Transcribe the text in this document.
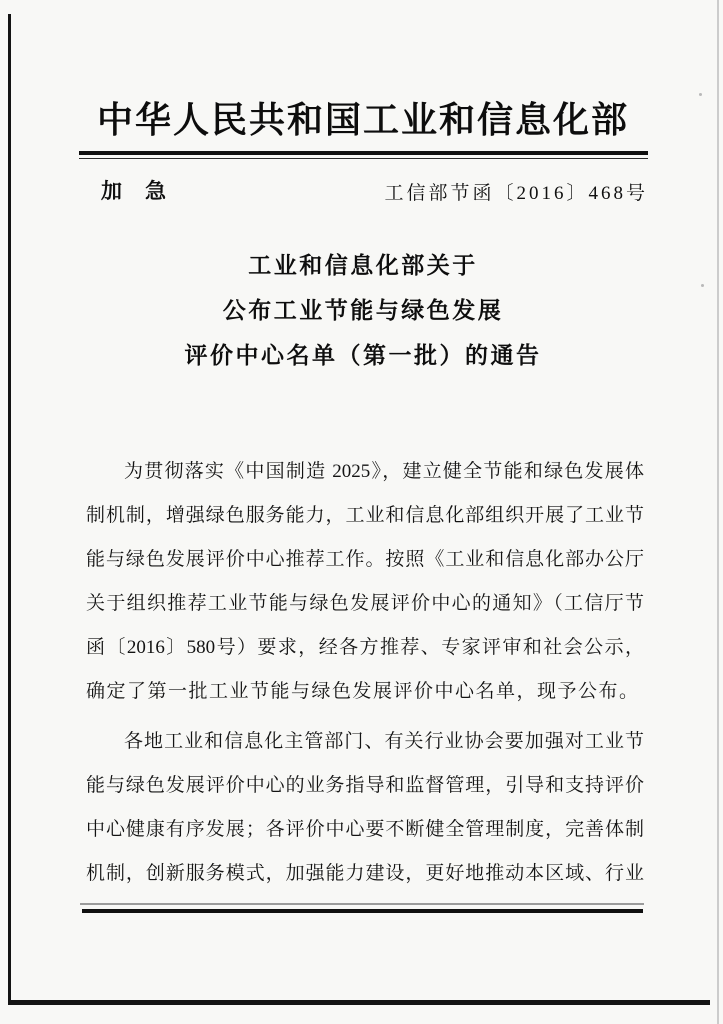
中华人民共和国工业和信息化部
加　急	工信部节函〔2016〕468号
工业和信息化部关于
公布工业节能与绿色发展
评价中心名单（第一批）的通告
为贯彻落实《中国制造 2025》，建立健全节能和绿色发展体
制机制，增强绿色服务能力，工业和信息化部组织开展了工业节
能与绿色发展评价中心推荐工作。按照《工业和信息化部办公厅
关于组织推荐工业节能与绿色发展评价中心的通知》（工信厅节
函〔2016〕580号）要求，经各方推荐、专家评审和社会公示，
确定了第一批工业节能与绿色发展评价中心名单，现予公布。
各地工业和信息化主管部门、有关行业协会要加强对工业节
能与绿色发展评价中心的业务指导和监督管理，引导和支持评价
中心健康有序发展；各评价中心要不断健全管理制度，完善体制
机制，创新服务模式，加强能力建设，更好地推动本区域、行业
